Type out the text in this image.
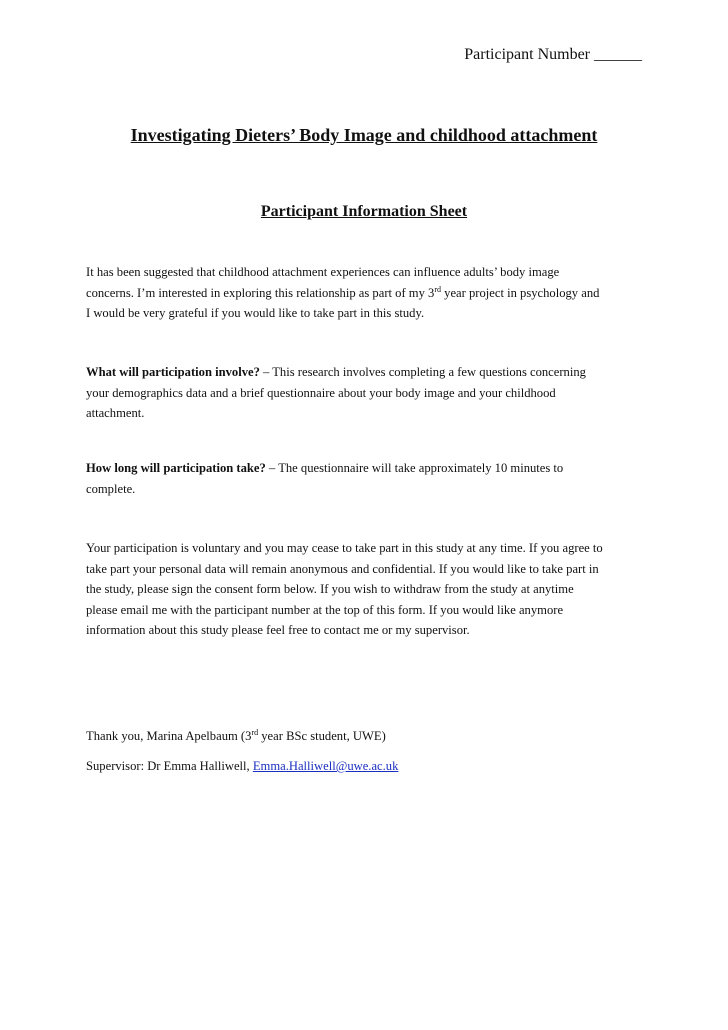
Participant Number ______
Investigating Dieters’ Body Image and childhood attachment
Participant Information Sheet
It has been suggested that childhood attachment experiences can influence adults’ body image
concerns. I’m interested in exploring this relationship as part of my 3rd year project in psychology and
I would be very grateful if you would like to take part in this study.
What will participation involve? – This research involves completing a few questions concerning
your demographics data and a brief questionnaire about your body image and your childhood
attachment.
How long will participation take? – The questionnaire will take approximately 10 minutes to
complete.
Your participation is voluntary and you may cease to take part in this study at any time. If you agree to
take part your personal data will remain anonymous and confidential. If you would like to take part in
the study, please sign the consent form below. If you wish to withdraw from the study at anytime
please email me with the participant number at the top of this form. If you would like anymore
information about this study please feel free to contact me or my supervisor.
Thank you, Marina Apelbaum (3rd year BSc student, UWE)
Supervisor: Dr Emma Halliwell, Emma.Halliwell@uwe.ac.uk
